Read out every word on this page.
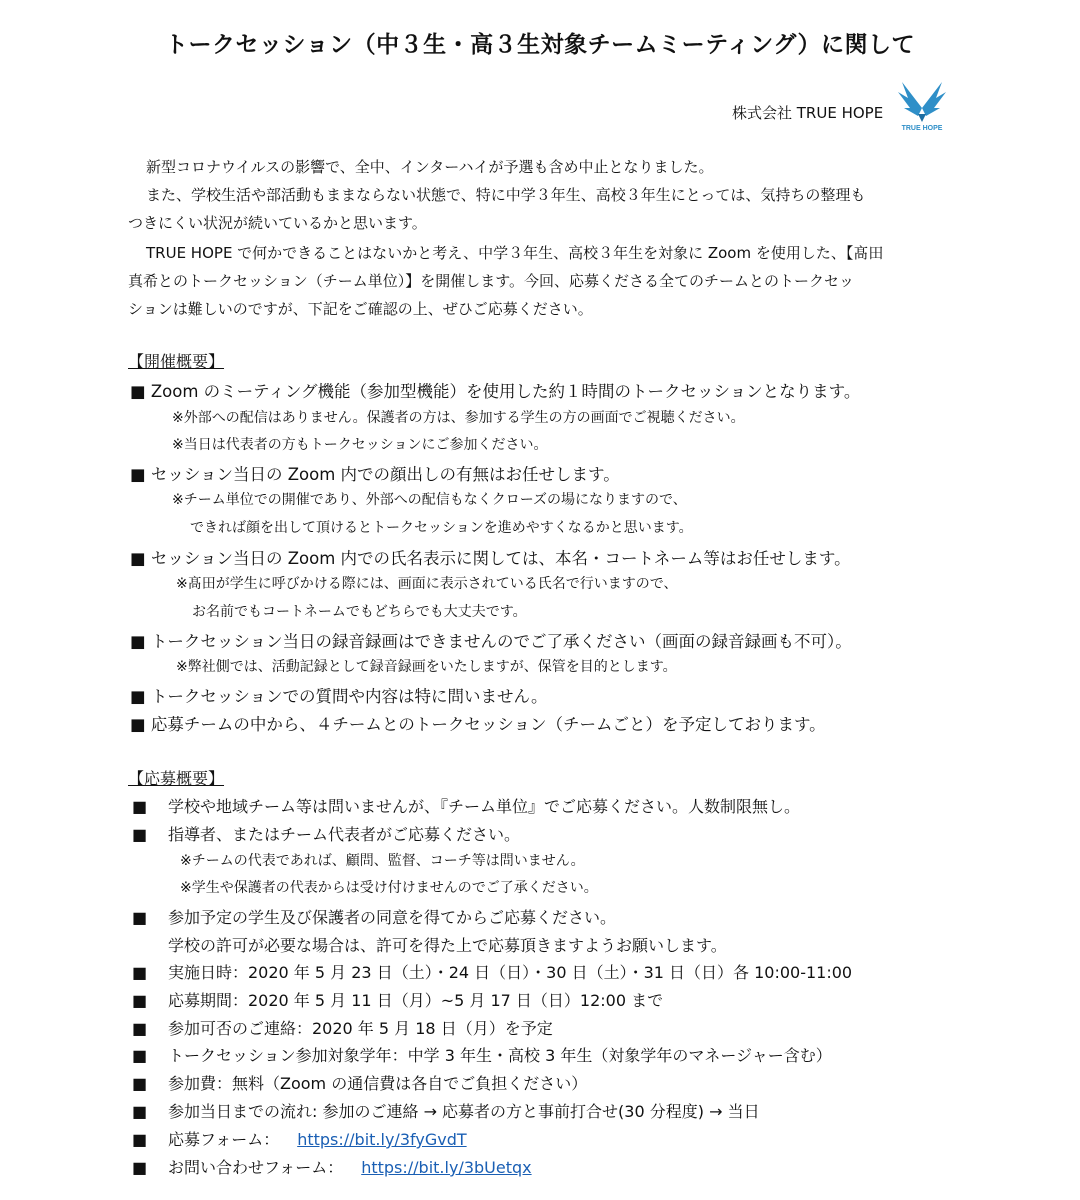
トークセッション（中３生・高３生対象チームミーティング）に関して
株式会社 TRUE HOPE
TRUE HOPE
新型コロナウイルスの影響で、全中、インターハイが予選も含め中止となりました。
また、学校生活や部活動もままならない状態で、特に中学３年生、高校３年生にとっては、気持ちの整理も
つきにくい状況が続いているかと思います。
TRUE HOPE で何かできることはないかと考え、中学３年生、高校３年生を対象に Zoom を使用した、【髙田
真希とのトークセッション（チーム単位）】を開催します。今回、応募くださる全てのチームとのトークセッ
ションは難しいのですが、下記をご確認の上、ぜひご応募ください。
【開催概要】
■ Zoom のミーティング機能（参加型機能）を使用した約１時間のトークセッションとなります。
※外部への配信はありません。保護者の方は、参加する学生の方の画面でご視聴ください。
※当日は代表者の方もトークセッションにご参加ください。
■ セッション当日の Zoom 内での顔出しの有無はお任せします。
※チーム単位での開催であり、外部への配信もなくクローズの場になりますので、
できれば顔を出して頂けるとトークセッションを進めやすくなるかと思います。
■ セッション当日の Zoom 内での氏名表示に関しては、本名・コートネーム等はお任せします。
※髙田が学生に呼びかける際には、画面に表示されている氏名で行いますので、
お名前でもコートネームでもどちらでも大丈夫です。
■ トークセッション当日の録音録画はできませんのでご了承ください（画面の録音録画も不可）。
※弊社側では、活動記録として録音録画をいたしますが、保管を目的とします。
■ トークセッションでの質問や内容は特に問いません。
■ 応募チームの中から、４チームとのトークセッション（チームごと）を予定しております。
【応募概要】
■ 学校や地域チーム等は問いませんが、『チーム単位』でご応募ください。人数制限無し。
■ 指導者、またはチーム代表者がご応募ください。
※チームの代表であれば、顧問、監督、コーチ等は問いません。
※学生や保護者の代表からは受け付けませんのでご了承ください。
■ 参加予定の学生及び保護者の同意を得てからご応募ください。
学校の許可が必要な場合は、許可を得た上で応募頂きますようお願いします。
■ 実施日時：2020 年 5 月 23 日（土）・24 日（日）・30 日（土）・31 日（日）各 10:00-11:00
■ 応募期間：2020 年 5 月 11 日（月）~5 月 17 日（日）12:00 まで
■ 参加可否のご連絡：2020 年 5 月 18 日（月）を予定
■ トークセッション参加対象学年：中学 3 年生・高校 3 年生（対象学年のマネージャー含む）
■ 参加費：無料（Zoom の通信費は各自でご負担ください）
■ 参加当日までの流れ: 参加のご連絡 → 応募者の方と事前打合せ(30 分程度) → 当日
■ 応募フォーム： https://bit.ly/3fyGvdT
■ お問い合わせフォーム： https://bit.ly/3bUetqx
